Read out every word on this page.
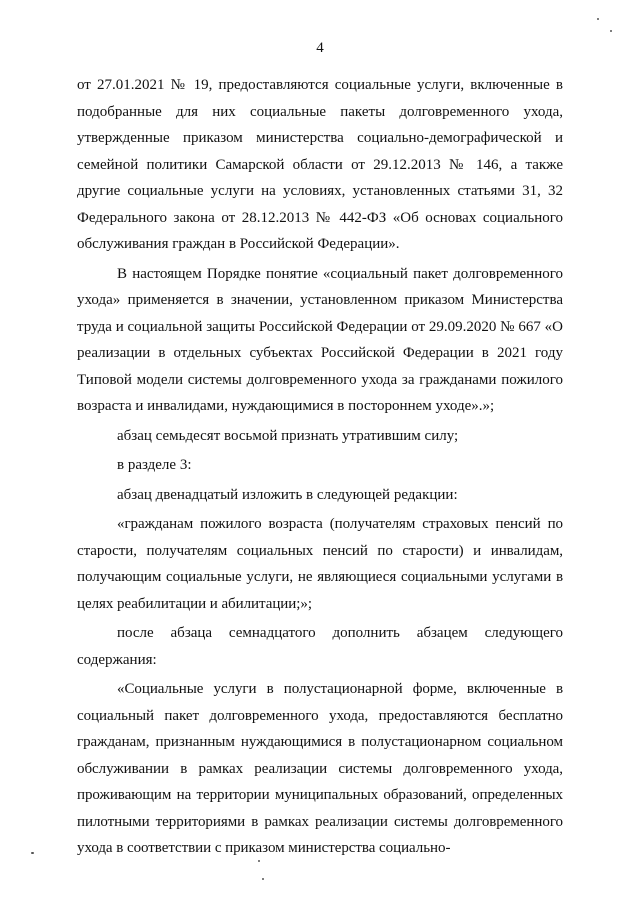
4

от 27.01.2021 № 19, предоставляются социальные услуги, включенные в подобранные для них социальные пакеты долговременного ухода, утвержденные приказом министерства социально-демографической и семейной политики Самарской области от 29.12.2013 № 146, а также другие социальные услуги на условиях, установленных статьями 31, 32 Федерального закона от 28.12.2013 № 442-ФЗ «Об основах социального обслуживания граждан в Российской Федерации».

В настоящем Порядке понятие «социальный пакет долговременного ухода» применяется в значении, установленном приказом Министерства труда и социальной защиты Российской Федерации от 29.09.2020 № 667 «О реализации в отдельных субъектах Российской Федерации в 2021 году Типовой модели системы долговременного ухода за гражданами пожилого возраста и инвалидами, нуждающимися в постороннем уходе».»;

абзац семьдесят восьмой признать утратившим силу;

в разделе 3:

абзац двенадцатый изложить в следующей редакции:

«гражданам пожилого возраста (получателям страховых пенсий по старости, получателям социальных пенсий по старости) и инвалидам, получающим социальные услуги, не являющиеся социальными услугами в целях реабилитации и абилитации;»;

после абзаца семнадцатого дополнить абзацем следующего содержания:

«Социальные услуги в полустационарной форме, включенные в социальный пакет долговременного ухода, предоставляются бесплатно гражданам, признанным нуждающимися в полустационарном социальном обслуживании в рамках реализации системы долговременного ухода, проживающим на территории муниципальных образований, определенных пилотными территориями в рамках реализации системы долговременного ухода в соответствии с приказом министерства социально-
